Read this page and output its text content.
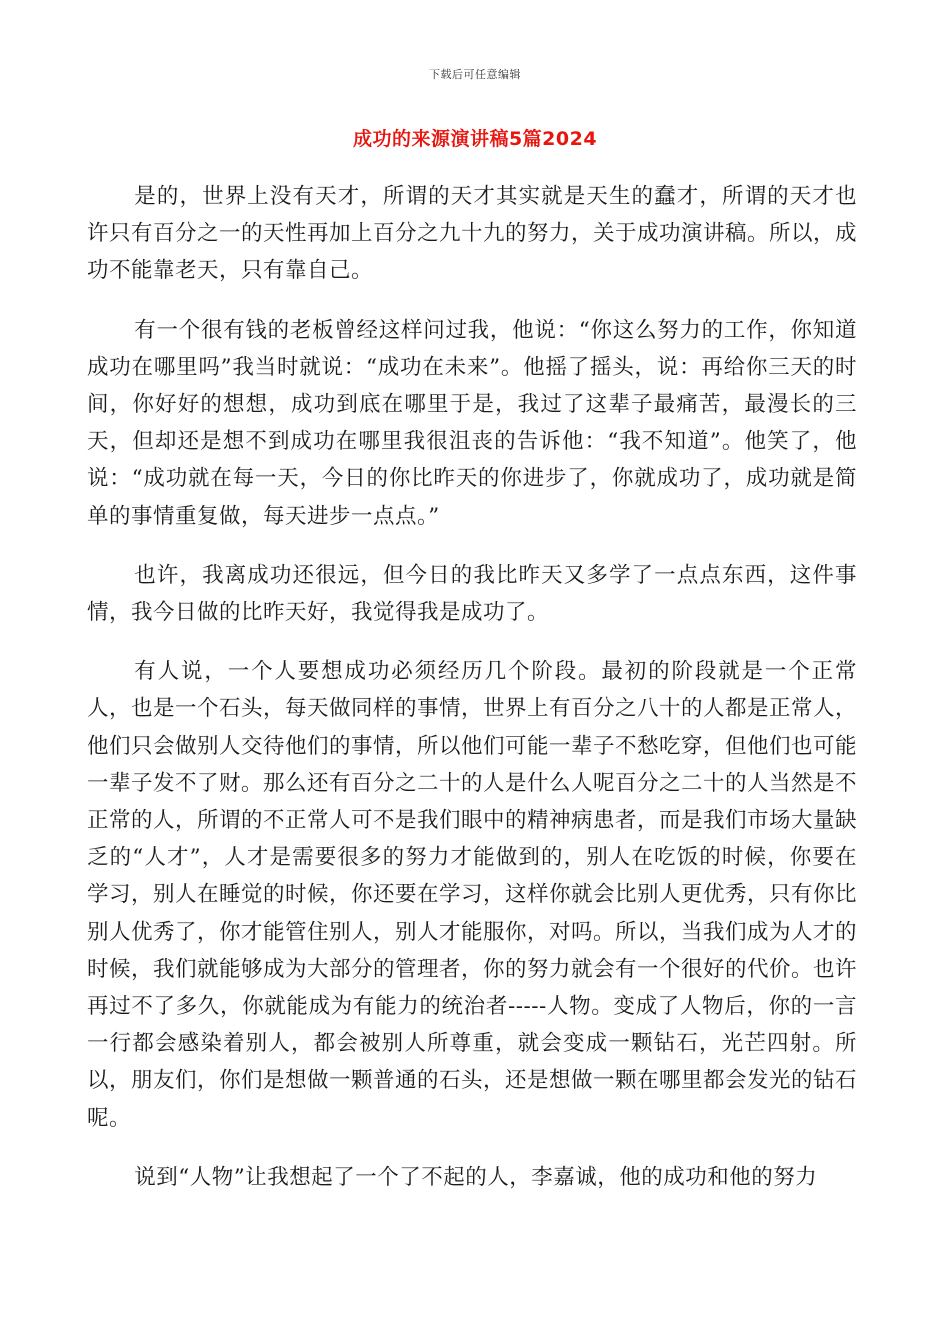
下载后可任意编辑
成功的来源演讲稿5篇2024

是的，世界上没有天才，所谓的天才其实就是天生的蠢才，所谓的天才也许只有百分之一的天性再加上百分之九十九的努力，关于成功演讲稿。所以，成功不能靠老天，只有靠自己。

有一个很有钱的老板曾经这样问过我，他说：“你这么努力的工作，你知道成功在哪里吗”我当时就说：“成功在未来”。他摇了摇头，说：再给你三天的时间，你好好的想想，成功到底在哪里于是，我过了这辈子最痛苦，最漫长的三天，但却还是想不到成功在哪里我很沮丧的告诉他：“我不知道”。他笑了，他说：“成功就在每一天，今日的你比昨天的你进步了，你就成功了，成功就是简单的事情重复做，每天进步一点点。”

也许，我离成功还很远，但今日的我比昨天又多学了一点点东西，这件事情，我今日做的比昨天好，我觉得我是成功了。

有人说，一个人要想成功必须经历几个阶段。最初的阶段就是一个正常人，也是一个石头，每天做同样的事情，世界上有百分之八十的人都是正常人，他们只会做别人交待他们的事情，所以他们可能一辈子不愁吃穿，但他们也可能一辈子发不了财。那么还有百分之二十的人是什么人呢百分之二十的人当然是不正常的人，所谓的不正常人可不是我们眼中的精神病患者，而是我们市场大量缺乏的“人才”，人才是需要很多的努力才能做到的，别人在吃饭的时候，你要在学习，别人在睡觉的时候，你还要在学习，这样你就会比别人更优秀，只有你比别人优秀了，你才能管住别人，别人才能服你，对吗。所以，当我们成为人才的时候，我们就能够成为大部分的管理者，你的努力就会有一个很好的代价。也许再过不了多久，你就能成为有能力的统治者-----人物。变成了人物后，你的一言一行都会感染着别人，都会被别人所尊重，就会变成一颗钻石，光芒四射。所以，朋友们，你们是想做一颗普通的石头，还是想做一颗在哪里都会发光的钻石呢。

说到“人物”让我想起了一个了不起的人，李嘉诚，他的成功和他的努力
